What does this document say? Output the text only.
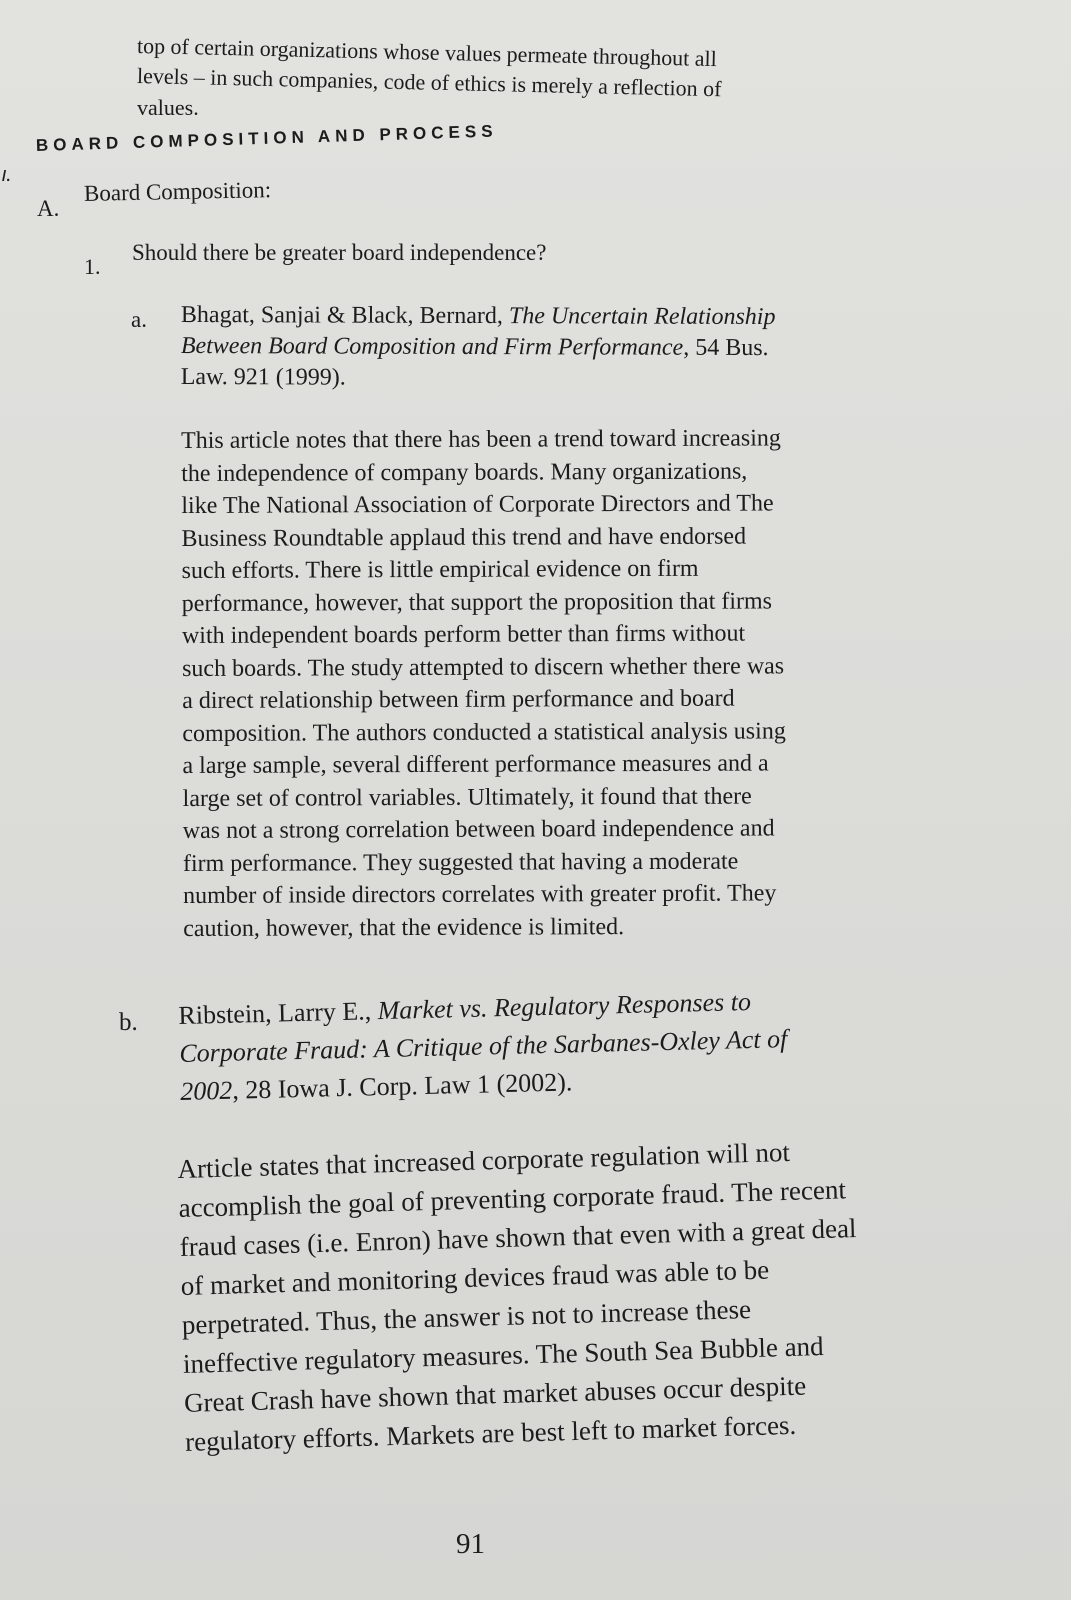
top of certain organizations whose values permeate throughout all
levels – in such companies, code of ethics is merely a reflection of
values.
/.
BOARD COMPOSITION AND PROCESS
A.
Board Composition:
1.
Should there be greater board independence?
a. Bhagat, Sanjai & Black, Bernard, The Uncertain Relationship
Between Board Composition and Firm Performance, 54 Bus.
Law. 921 (1999).
This article notes that there has been a trend toward increasing
the independence of company boards. Many organizations,
like The National Association of Corporate Directors and The
Business Roundtable applaud this trend and have endorsed
such efforts. There is little empirical evidence on firm
performance, however, that support the proposition that firms
with independent boards perform better than firms without
such boards. The study attempted to discern whether there was
a direct relationship between firm performance and board
composition. The authors conducted a statistical analysis using
a large sample, several different performance measures and a
large set of control variables. Ultimately, it found that there
was not a strong correlation between board independence and
firm performance. They suggested that having a moderate
number of inside directors correlates with greater profit. They
caution, however, that the evidence is limited.
b. Ribstein, Larry E., Market vs. Regulatory Responses to
Corporate Fraud: A Critique of the Sarbanes-Oxley Act of
2002, 28 Iowa J. Corp. Law 1 (2002).
Article states that increased corporate regulation will not
accomplish the goal of preventing corporate fraud. The recent
fraud cases (i.e. Enron) have shown that even with a great deal
of market and monitoring devices fraud was able to be
perpetrated. Thus, the answer is not to increase these
ineffective regulatory measures. The South Sea Bubble and
Great Crash have shown that market abuses occur despite
regulatory efforts. Markets are best left to market forces.
91
